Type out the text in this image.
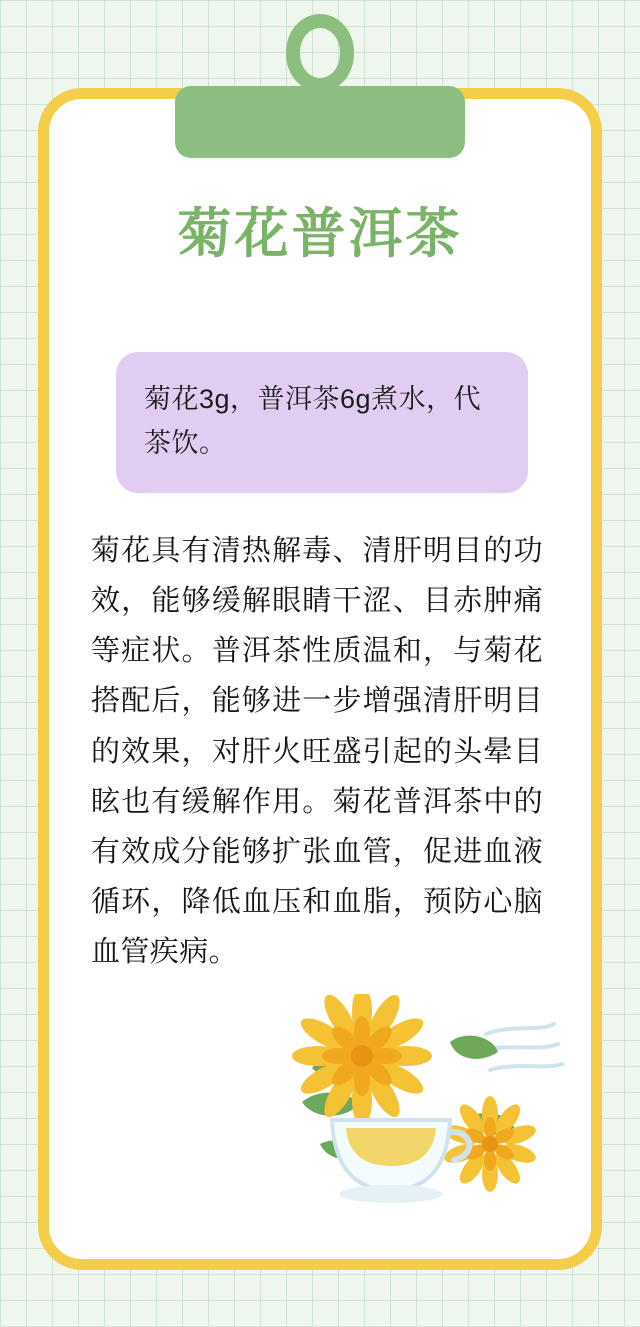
菊花普洱茶
菊花3g，普洱茶6g煮水，代茶饮。
菊花具有清热解毒、清肝明目的功效，能够缓解眼睛干涩、目赤肿痛等症状。普洱茶性质温和，与菊花搭配后，能够进一步增强清肝明目的效果，对肝火旺盛引起的头晕目眩也有缓解作用。菊花普洱茶中的有效成分能够扩张血管，促进血液循环，降低血压和血脂，预防心脑血管疾病。
